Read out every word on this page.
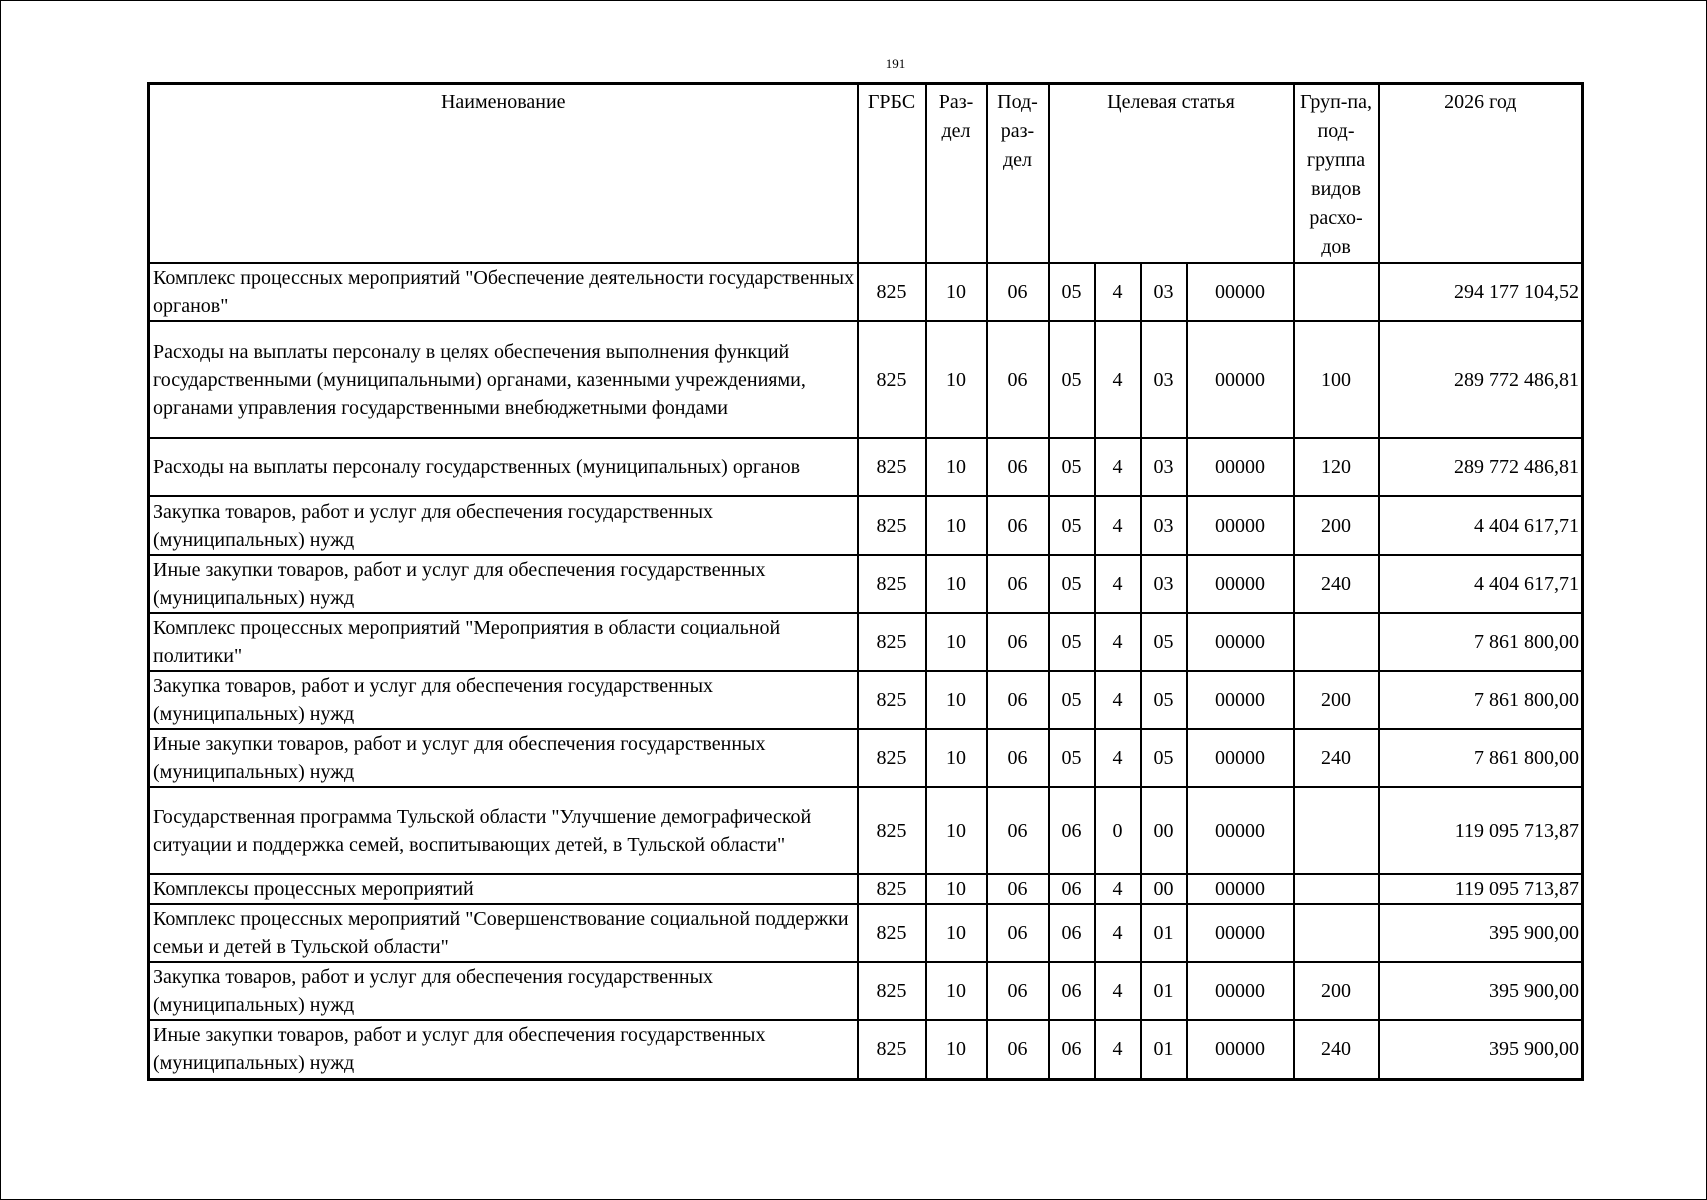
191
Наименование	ГРБС	Раз-дел	Под-раз-дел	Целевая статья				Груп-па, под-группа видов расхо-дов	2026 год
Комплекс процессных мероприятий "Обеспечение деятельности государственных органов"	825	10	06	05	4	03	00000		294 177 104,52
Расходы на выплаты персоналу в целях обеспечения выполнения функций государственными (муниципальными) органами, казенными учреждениями, органами управления государственными внебюджетными фондами	825	10	06	05	4	03	00000	100	289 772 486,81
Расходы на выплаты персоналу государственных (муниципальных) органов	825	10	06	05	4	03	00000	120	289 772 486,81
Закупка товаров, работ и услуг для обеспечения государственных (муниципальных) нужд	825	10	06	05	4	03	00000	200	4 404 617,71
Иные закупки товаров, работ и услуг для обеспечения государственных (муниципальных) нужд	825	10	06	05	4	03	00000	240	4 404 617,71
Комплекс процессных мероприятий "Мероприятия в области социальной политики"	825	10	06	05	4	05	00000		7 861 800,00
Закупка товаров, работ и услуг для обеспечения государственных (муниципальных) нужд	825	10	06	05	4	05	00000	200	7 861 800,00
Иные закупки товаров, работ и услуг для обеспечения государственных (муниципальных) нужд	825	10	06	05	4	05	00000	240	7 861 800,00
Государственная программа Тульской области "Улучшение демографической ситуации и поддержка семей, воспитывающих детей, в Тульской области"	825	10	06	06	0	00	00000		119 095 713,87
Комплексы процессных мероприятий	825	10	06	06	4	00	00000		119 095 713,87
Комплекс процессных мероприятий "Совершенствование социальной поддержки семьи и детей в Тульской области"	825	10	06	06	4	01	00000		395 900,00
Закупка товаров, работ и услуг для обеспечения государственных (муниципальных) нужд	825	10	06	06	4	01	00000	200	395 900,00
Иные закупки товаров, работ и услуг для обеспечения государственных (муниципальных) нужд	825	10	06	06	4	01	00000	240	395 900,00
